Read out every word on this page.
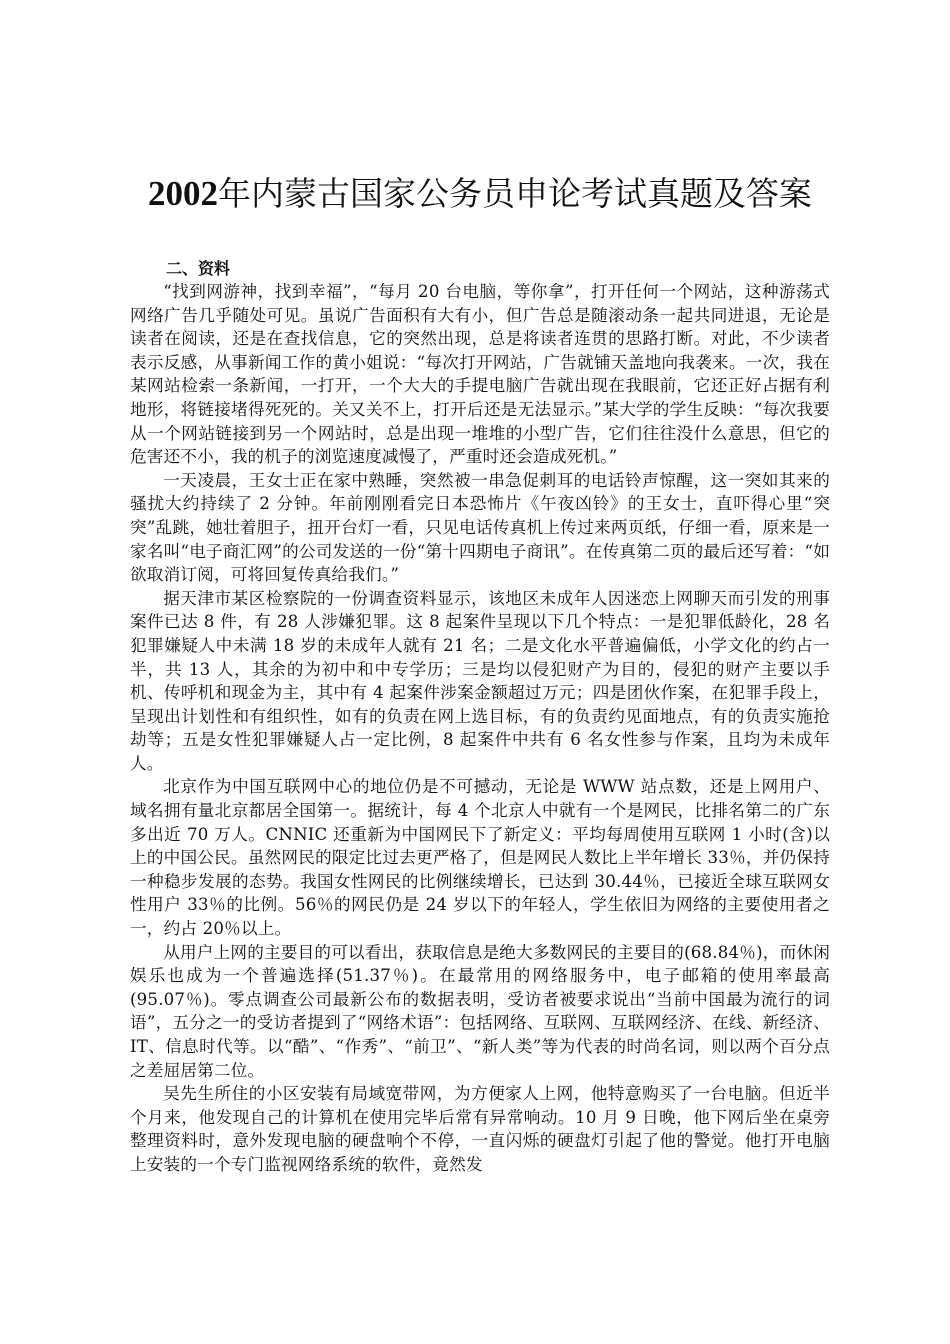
2002年内蒙古国家公务员申论考试真题及答案
二、资料

“找到网游神，找到幸福”，“每月 20 台电脑，等你拿”，打开任何一个网站，这种游荡式网络广告几乎随处可见。虽说广告面积有大有小，但广告总是随滚动条一起共同进退，无论是读者在阅读，还是在查找信息，它的突然出现，总是将读者连贯的思路打断。对此，不少读者表示反感，从事新闻工作的黄小姐说：“每次打开网站，广告就铺天盖地向我袭来。一次，我在某网站检索一条新闻，一打开，一个大大的手提电脑广告就出现在我眼前，它还正好占据有利地形，将链接堵得死死的。关又关不上，打开后还是无法显示。”某大学的学生反映：“每次我要从一个网站链接到另一个网站时，总是出现一堆堆的小型广告，它们往往没什么意思，但它的危害还不小，我的机子的浏览速度减慢了，严重时还会造成死机。”

一天凌晨，王女士正在家中熟睡，突然被一串急促刺耳的电话铃声惊醒，这一突如其来的骚扰大约持续了 2 分钟。年前刚刚看完日本恐怖片《午夜凶铃》的王女士，直吓得心里“突突”乱跳，她壮着胆子，扭开台灯一看，只见电话传真机上传过来两页纸，仔细一看，原来是一家名叫“电子商汇网”的公司发送的一份“第十四期电子商讯”。在传真第二页的最后还写着：“如欲取消订阅，可将回复传真给我们。”

据天津市某区检察院的一份调查资料显示，该地区未成年人因迷恋上网聊天而引发的刑事案件已达 8 件，有 28 人涉嫌犯罪。这 8 起案件呈现以下几个特点：一是犯罪低龄化，28 名犯罪嫌疑人中未满 18 岁的未成年人就有 21 名；二是文化水平普遍偏低，小学文化的约占一半，共 13 人，其余的为初中和中专学历；三是均以侵犯财产为目的，侵犯的财产主要以手机、传呼机和现金为主，其中有 4 起案件涉案金额超过万元；四是团伙作案，在犯罪手段上，呈现出计划性和有组织性，如有的负责在网上选目标，有的负责约见面地点，有的负责实施抢劫等；五是女性犯罪嫌疑人占一定比例，8 起案件中共有 6 名女性参与作案，且均为未成年人。

北京作为中国互联网中心的地位仍是不可撼动，无论是 WWW 站点数，还是上网用户、域名拥有量北京都居全国第一。据统计，每 4 个北京人中就有一个是网民，比排名第二的广东多出近 70 万人。CNNIC 还重新为中国网民下了新定义：平均每周使用互联网 1 小时(含)以上的中国公民。虽然网民的限定比过去更严格了，但是网民人数比上半年增长 33％，并仍保持一种稳步发展的态势。我国女性网民的比例继续增长，已达到 30.44％，已接近全球互联网女性用户 33％的比例。56％的网民仍是 24 岁以下的年轻人，学生依旧为网络的主要使用者之一，约占 20％以上。

从用户上网的主要目的可以看出，获取信息是绝大多数网民的主要目的(68.84％)，而休闲娱乐也成为一个普遍选择(51.37％)。在最常用的网络服务中，电子邮箱的使用率最高(95.07％)。零点调查公司最新公布的数据表明，受访者被要求说出“当前中国最为流行的词语”，五分之一的受访者提到了“网络术语”：包括网络、互联网、互联网经济、在线、新经济、IT、信息时代等。以“酷”、“作秀”、“前卫”、“新人类”等为代表的时尚名词，则以两个百分点之差屈居第二位。

吴先生所住的小区安装有局域宽带网，为方便家人上网，他特意购买了一台电脑。但近半个月来，他发现自己的计算机在使用完毕后常有异常响动。10 月 9 日晚，他下网后坐在桌旁整理资料时，意外发现电脑的硬盘响个不停，一直闪烁的硬盘灯引起了他的警觉。他打开电脑上安装的一个专门监视网络系统的软件，竟然发
